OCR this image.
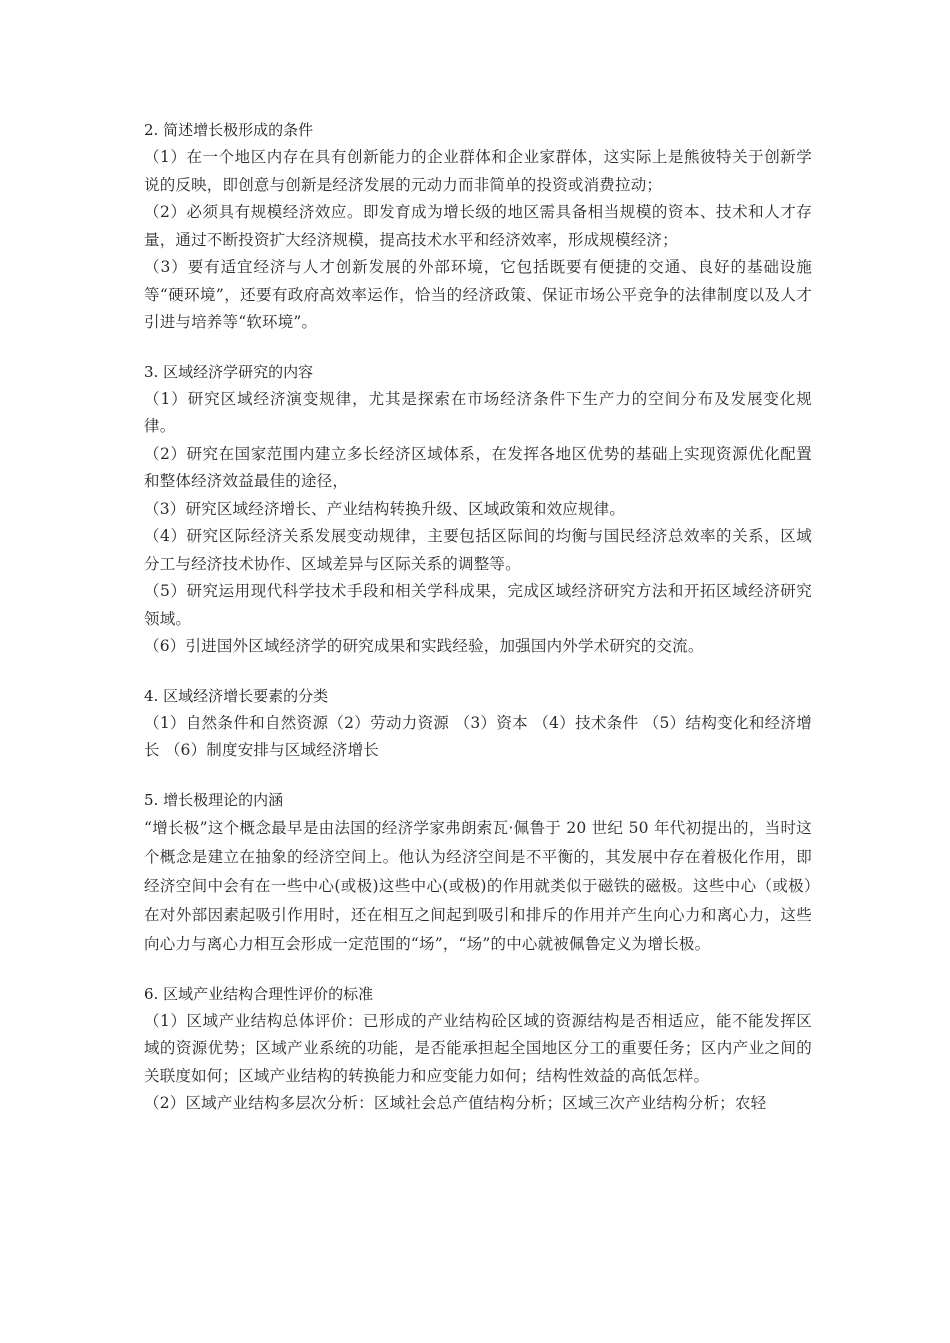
2. 简述增长极形成的条件

（1）在一个地区内存在具有创新能力的企业群体和企业家群体，这实际上是熊彼特关于创新学说的反映，即创意与创新是经济发展的元动力而非简单的投资或消费拉动；

（2）必须具有规模经济效应。即发育成为增长级的地区需具备相当规模的资本、技术和人才存量，通过不断投资扩大经济规模，提高技术水平和经济效率，形成规模经济；

（3）要有适宜经济与人才创新发展的外部环境，它包括既要有便捷的交通、良好的基础设施等“硬环境”，还要有政府高效率运作，恰当的经济政策、保证市场公平竞争的法律制度以及人才引进与培养等“软环境”。

3. 区域经济学研究的内容

（1）研究区域经济演变规律，尤其是探索在市场经济条件下生产力的空间分布及发展变化规律。

（2）研究在国家范围内建立多长经济区域体系，在发挥各地区优势的基础上实现资源优化配置和整体经济效益最佳的途径，

（3）研究区域经济增长、产业结构转换升级、区域政策和效应规律。

（4）研究区际经济关系发展变动规律，主要包括区际间的均衡与国民经济总效率的关系，区域分工与经济技术协作、区域差异与区际关系的调整等。

（5）研究运用现代科学技术手段和相关学科成果，完成区域经济研究方法和开拓区域经济研究领域。

（6）引进国外区域经济学的研究成果和实践经验，加强国内外学术研究的交流。

4. 区域经济增长要素的分类

（1）自然条件和自然资源（2）劳动力资源 （3）资本 （4）技术条件 （5）结构变化和经济增长 （6）制度安排与区域经济增长

5. 增长极理论的内涵

“增长极”这个概念最早是由法国的经济学家弗朗索瓦·佩鲁于 20 世纪 50 年代初提出的，当时这个概念是建立在抽象的经济空间上。他认为经济空间是不平衡的，其发展中存在着极化作用，即经济空间中会有在一些中心(或极)这些中心(或极)的作用就类似于磁铁的磁极。这些中心（或极）在对外部因素起吸引作用时，还在相互之间起到吸引和排斥的作用并产生向心力和离心力，这些向心力与离心力相互会形成一定范围的“场”，“场”的中心就被佩鲁定义为增长极。

6. 区域产业结构合理性评价的标准

（1）区域产业结构总体评价：已形成的产业结构砼区域的资源结构是否相适应，能不能发挥区域的资源优势；区域产业系统的功能，是否能承担起全国地区分工的重要任务；区内产业之间的关联度如何；区域产业结构的转换能力和应变能力如何；结构性效益的高低怎样。

（2）区域产业结构多层次分析：区域社会总产值结构分析；区域三次产业结构分析；农轻
